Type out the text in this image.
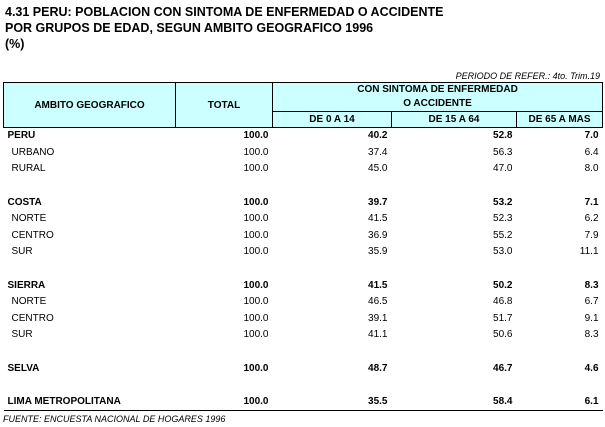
4.31 PERU: POBLACION CON SINTOMA DE ENFERMEDAD O ACCIDENTE
POR GRUPOS DE EDAD, SEGUN AMBITO GEOGRAFICO 1996
(%)
PERIODO DE REFER.: 4to. Trim.19
AMBITO GEOGRAFICO	TOTAL	CON SINTOMA DE ENFERMEDAD
O ACCIDENTE		
		DE 0 A 14	DE 15 A 64	DE 65 A MAS
PERU	100.0	40.2	52.8	7.0
URBANO	100.0	37.4	56.3	6.4
RURAL	100.0	45.0	47.0	8.0

COSTA	100.0	39.7	53.2	7.1
NORTE	100.0	41.5	52.3	6.2
CENTRO	100.0	36.9	55.2	7.9
SUR	100.0	35.9	53.0	11.1

SIERRA	100.0	41.5	50.2	8.3
NORTE	100.0	46.5	46.8	6.7
CENTRO	100.0	39.1	51.7	9.1
SUR	100.0	41.1	50.6	8.3

SELVA	100.0	48.7	46.7	4.6

LIMA METROPOLITANA	100.0	35.5	58.4	6.1
FUENTE: ENCUESTA NACIONAL DE HOGARES 1996
